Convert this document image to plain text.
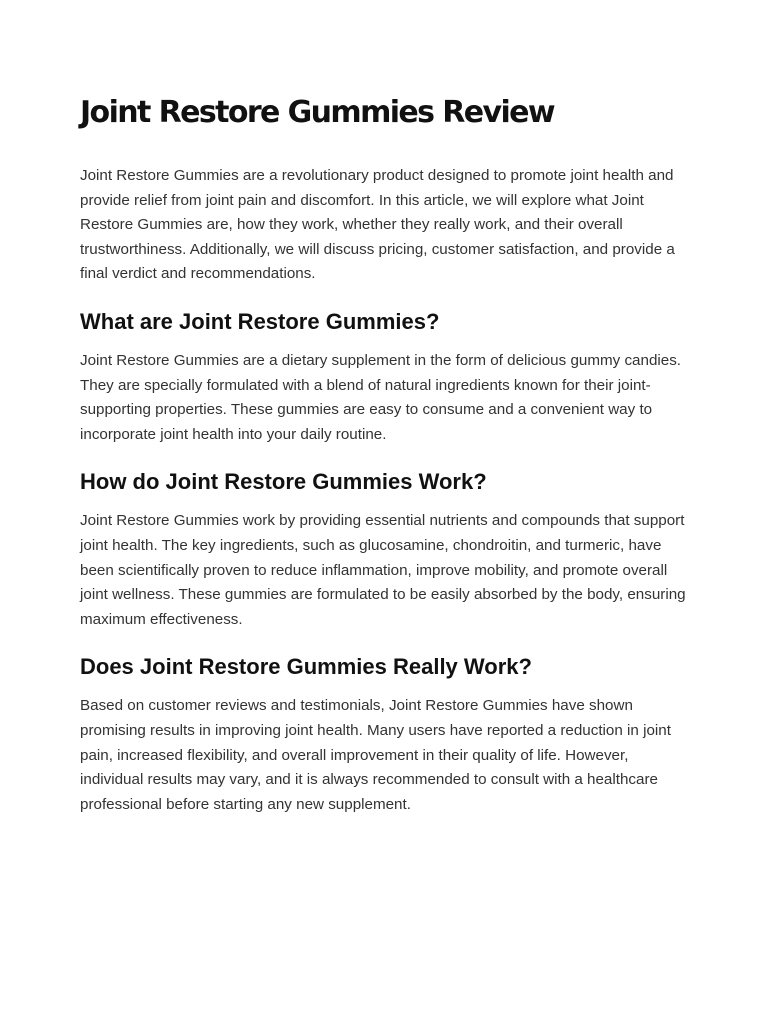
Joint Restore Gummies Review

Joint Restore Gummies are a revolutionary product designed to promote joint health and provide relief from joint pain and discomfort. In this article, we will explore what Joint Restore Gummies are, how they work, whether they really work, and their overall trustworthiness. Additionally, we will discuss pricing, customer satisfaction, and provide a final verdict and recommendations.

What are Joint Restore Gummies?

Joint Restore Gummies are a dietary supplement in the form of delicious gummy candies. They are specially formulated with a blend of natural ingredients known for their joint-supporting properties. These gummies are easy to consume and a convenient way to incorporate joint health into your daily routine.

How do Joint Restore Gummies Work?

Joint Restore Gummies work by providing essential nutrients and compounds that support joint health. The key ingredients, such as glucosamine, chondroitin, and turmeric, have been scientifically proven to reduce inflammation, improve mobility, and promote overall joint wellness. These gummies are formulated to be easily absorbed by the body, ensuring maximum effectiveness.

Does Joint Restore Gummies Really Work?

Based on customer reviews and testimonials, Joint Restore Gummies have shown promising results in improving joint health. Many users have reported a reduction in joint pain, increased flexibility, and overall improvement in their quality of life. However, individual results may vary, and it is always recommended to consult with a healthcare professional before starting any new supplement.
